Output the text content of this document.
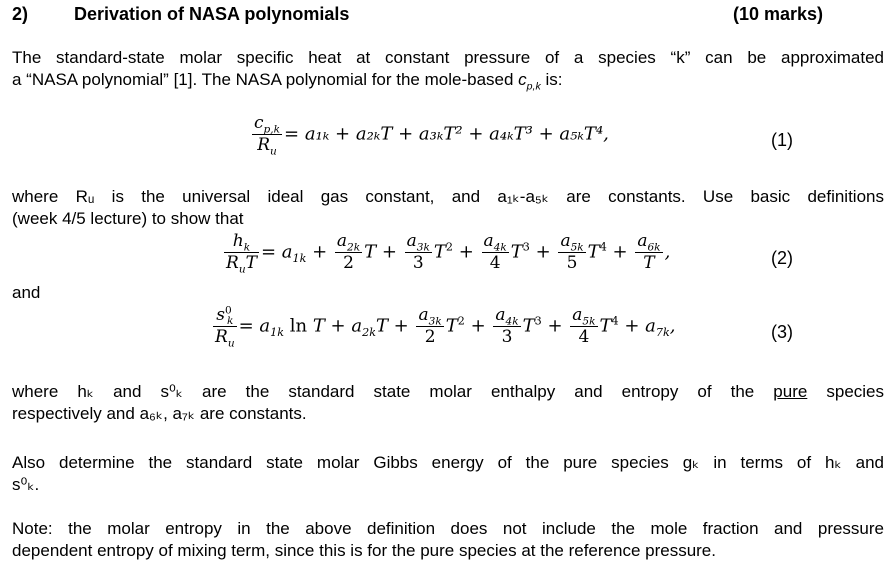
2)	Derivation of NASA polynomials	(10 marks)
The standard-state molar specific heat at constant pressure of a species “k” can be approximated
a “NASA polynomial” [1]. The NASA polynomial for the mole-based $c_{p,k}$ is:
$\frac{c_{p,k}}{R_u} = a_{1k} + a_{2k}T + a_{3k}T^2 + a_{4k}T^3 + a_{5k}T^4$,	(1)
where Rᵤ is the universal ideal gas constant, and a₁ₖ-a₅ₖ are constants. Use basic definitions
(week 4/5 lecture) to show that
$\frac{h_k}{R_uT} = a_{1k} + \frac{a_{2k}}{2}$ $T + \frac{a_{3k}}{3} T^2 + \frac{a_{4k}}{4} T^3 + \frac{a_{5k}}{5} T^4 + \frac{a_{6k}}{T}$ ,	(2)
and
$\frac{s^0_k}{R_u} = a_{1k}$ $\ln T + a_{2k}T + \frac{a_{3k}}{2} T^2 + \frac{a_{4k}}{3} T^3 + \frac{a_{5k}}{4} T^4 + a_{7k}$,	(3)
where hₖ and s⁰ₖ are the standard state molar enthalpy and entropy of the pure species
respectively and a₆ₖ, a₇ₖ are constants.
Also determine the standard state molar Gibbs energy of the pure species gₖ in terms of hₖ and
s⁰ₖ.
Note: the molar entropy in the above definition does not include the mole fraction and pressure
dependent entropy of mixing term, since this is for the pure species at the reference pressure.
